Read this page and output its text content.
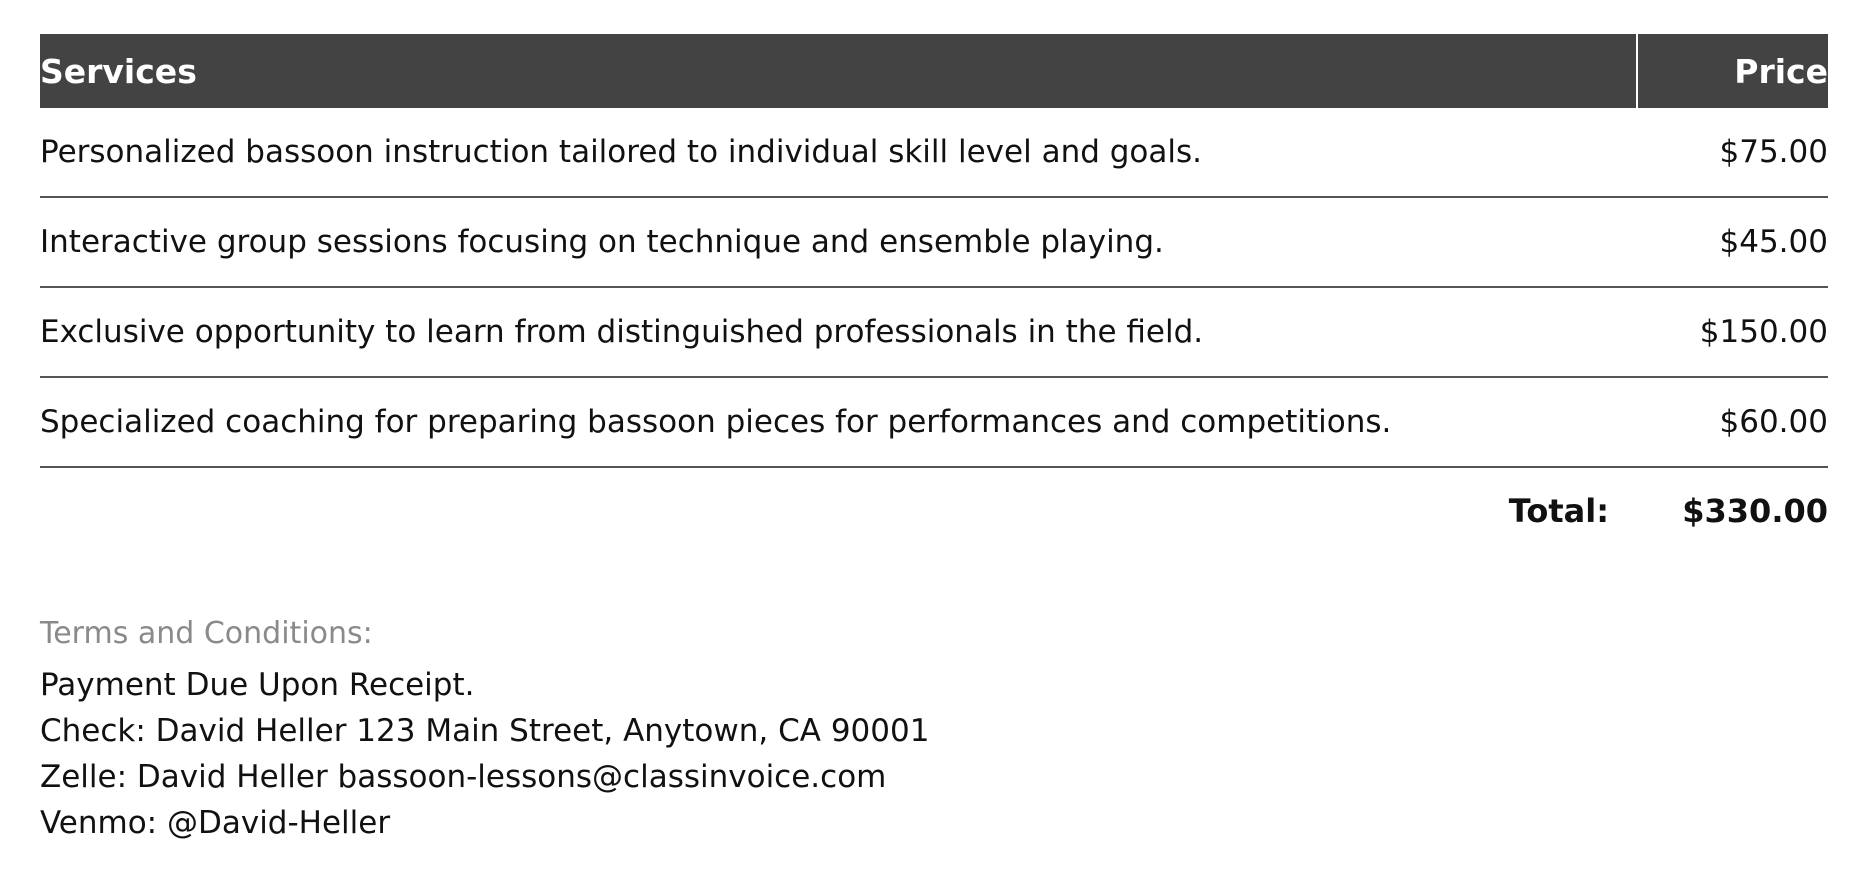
Services	Price
Personalized bassoon instruction tailored to individual skill level and goals.	$75.00
Interactive group sessions focusing on technique and ensemble playing.	$45.00
Exclusive opportunity to learn from distinguished professionals in the field.	$150.00
Specialized coaching for preparing bassoon pieces for performances and competitions.	$60.00
Total:	$330.00
Terms and Conditions:
Payment Due Upon Receipt.
Check: David Heller 123 Main Street, Anytown, CA 90001
Zelle: David Heller bassoon-lessons@classinvoice.com
Venmo: @David-Heller
